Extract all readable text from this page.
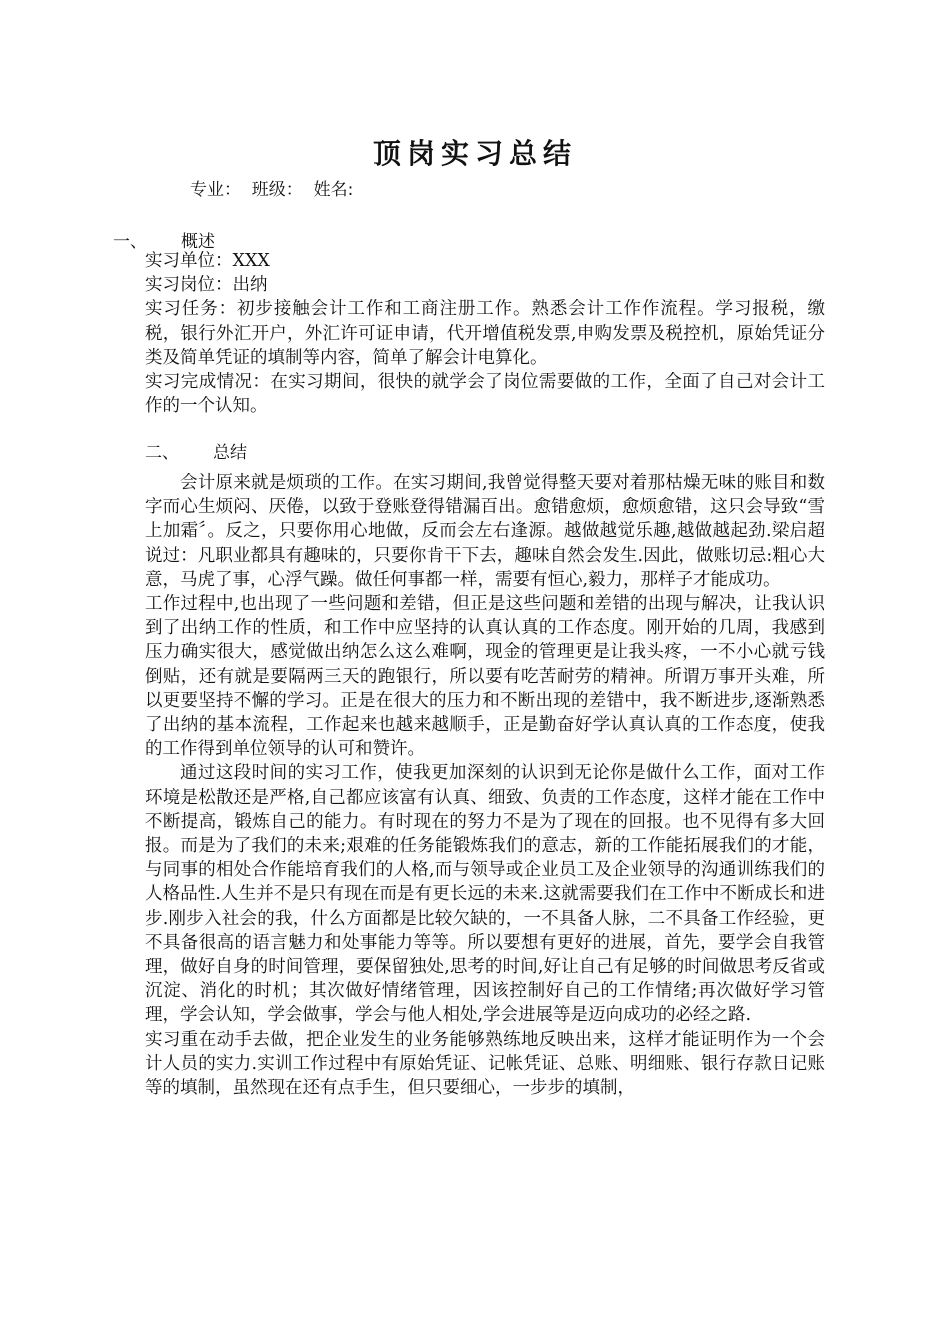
顶岗实习总结
专业：  班级：  姓名:
一、 概述

实习单位：XXX

实习岗位：出纳

实习任务：初步接触会计工作和工商注册工作。熟悉会计工作作流程。学习报税，缴税，银行外汇开户，外汇许可证申请，代开增值税发票,申购发票及税控机，原始凭证分类及简单凭证的填制等内容，简单了解会计电算化。

实习完成情况：在实习期间，很快的就学会了岗位需要做的工作，全面了自己对会计工作的一个认知。

二、 总结

会计原来就是烦琐的工作。在实习期间,我曾觉得整天要对着那枯燥无味的账目和数字而心生烦闷、厌倦，以致于登账登得错漏百出。愈错愈烦，愈烦愈错，这只会导致“雪上加霜〞。反之，只要你用心地做，反而会左右逢源。越做越觉乐趣,越做越起劲.梁启超说过：凡职业都具有趣味的，只要你肯干下去，趣味自然会发生.因此，做账切忌:粗心大意，马虎了事，心浮气躁。做任何事都一样，需要有恒心,毅力，那样子才能成功。

工作过程中,也出现了一些问题和差错，但正是这些问题和差错的出现与解决，让我认识到了出纳工作的性质，和工作中应坚持的认真认真的工作态度。刚开始的几周，我感到压力确实很大，感觉做出纳怎么这么难啊，现金的管理更是让我头疼，一不小心就亏钱倒贴，还有就是要隔两三天的跑银行，所以要有吃苦耐劳的精神。所谓万事开头难，所以更要坚持不懈的学习。正是在很大的压力和不断出现的差错中，我不断进步,逐渐熟悉了出纳的基本流程，工作起来也越来越顺手，正是勤奋好学认真认真的工作态度，使我的工作得到单位领导的认可和赞许。

通过这段时间的实习工作，使我更加深刻的认识到无论你是做什么工作，面对工作环境是松散还是严格,自己都应该富有认真、细致、负责的工作态度，这样才能在工作中不断提高，锻炼自己的能力。有时现在的努力不是为了现在的回报。也不见得有多大回报。而是为了我们的未来;艰难的任务能锻炼我们的意志，新的工作能拓展我们的才能，与同事的相处合作能培育我们的人格,而与领导或企业员工及企业领导的沟通训练我们的人格品性.人生并不是只有现在而是有更长远的未来.这就需要我们在工作中不断成长和进步.刚步入社会的我，什么方面都是比较欠缺的，一不具备人脉，二不具备工作经验，更不具备很高的语言魅力和处事能力等等。所以要想有更好的进展，首先，要学会自我管理，做好自身的时间管理，要保留独处,思考的时间,好让自己有足够的时间做思考反省或沉淀、消化的时机；其次做好情绪管理，因该控制好自己的工作情绪;再次做好学习管理，学会认知，学会做事，学会与他人相处,学会进展等是迈向成功的必经之路.

实习重在动手去做，把企业发生的业务能够熟练地反映出来，这样才能证明作为一个会计人员的实力.实训工作过程中有原始凭证、记帐凭证、总账、明细账、银行存款日记账等的填制，虽然现在还有点手生，但只要细心，一步步的填制，
